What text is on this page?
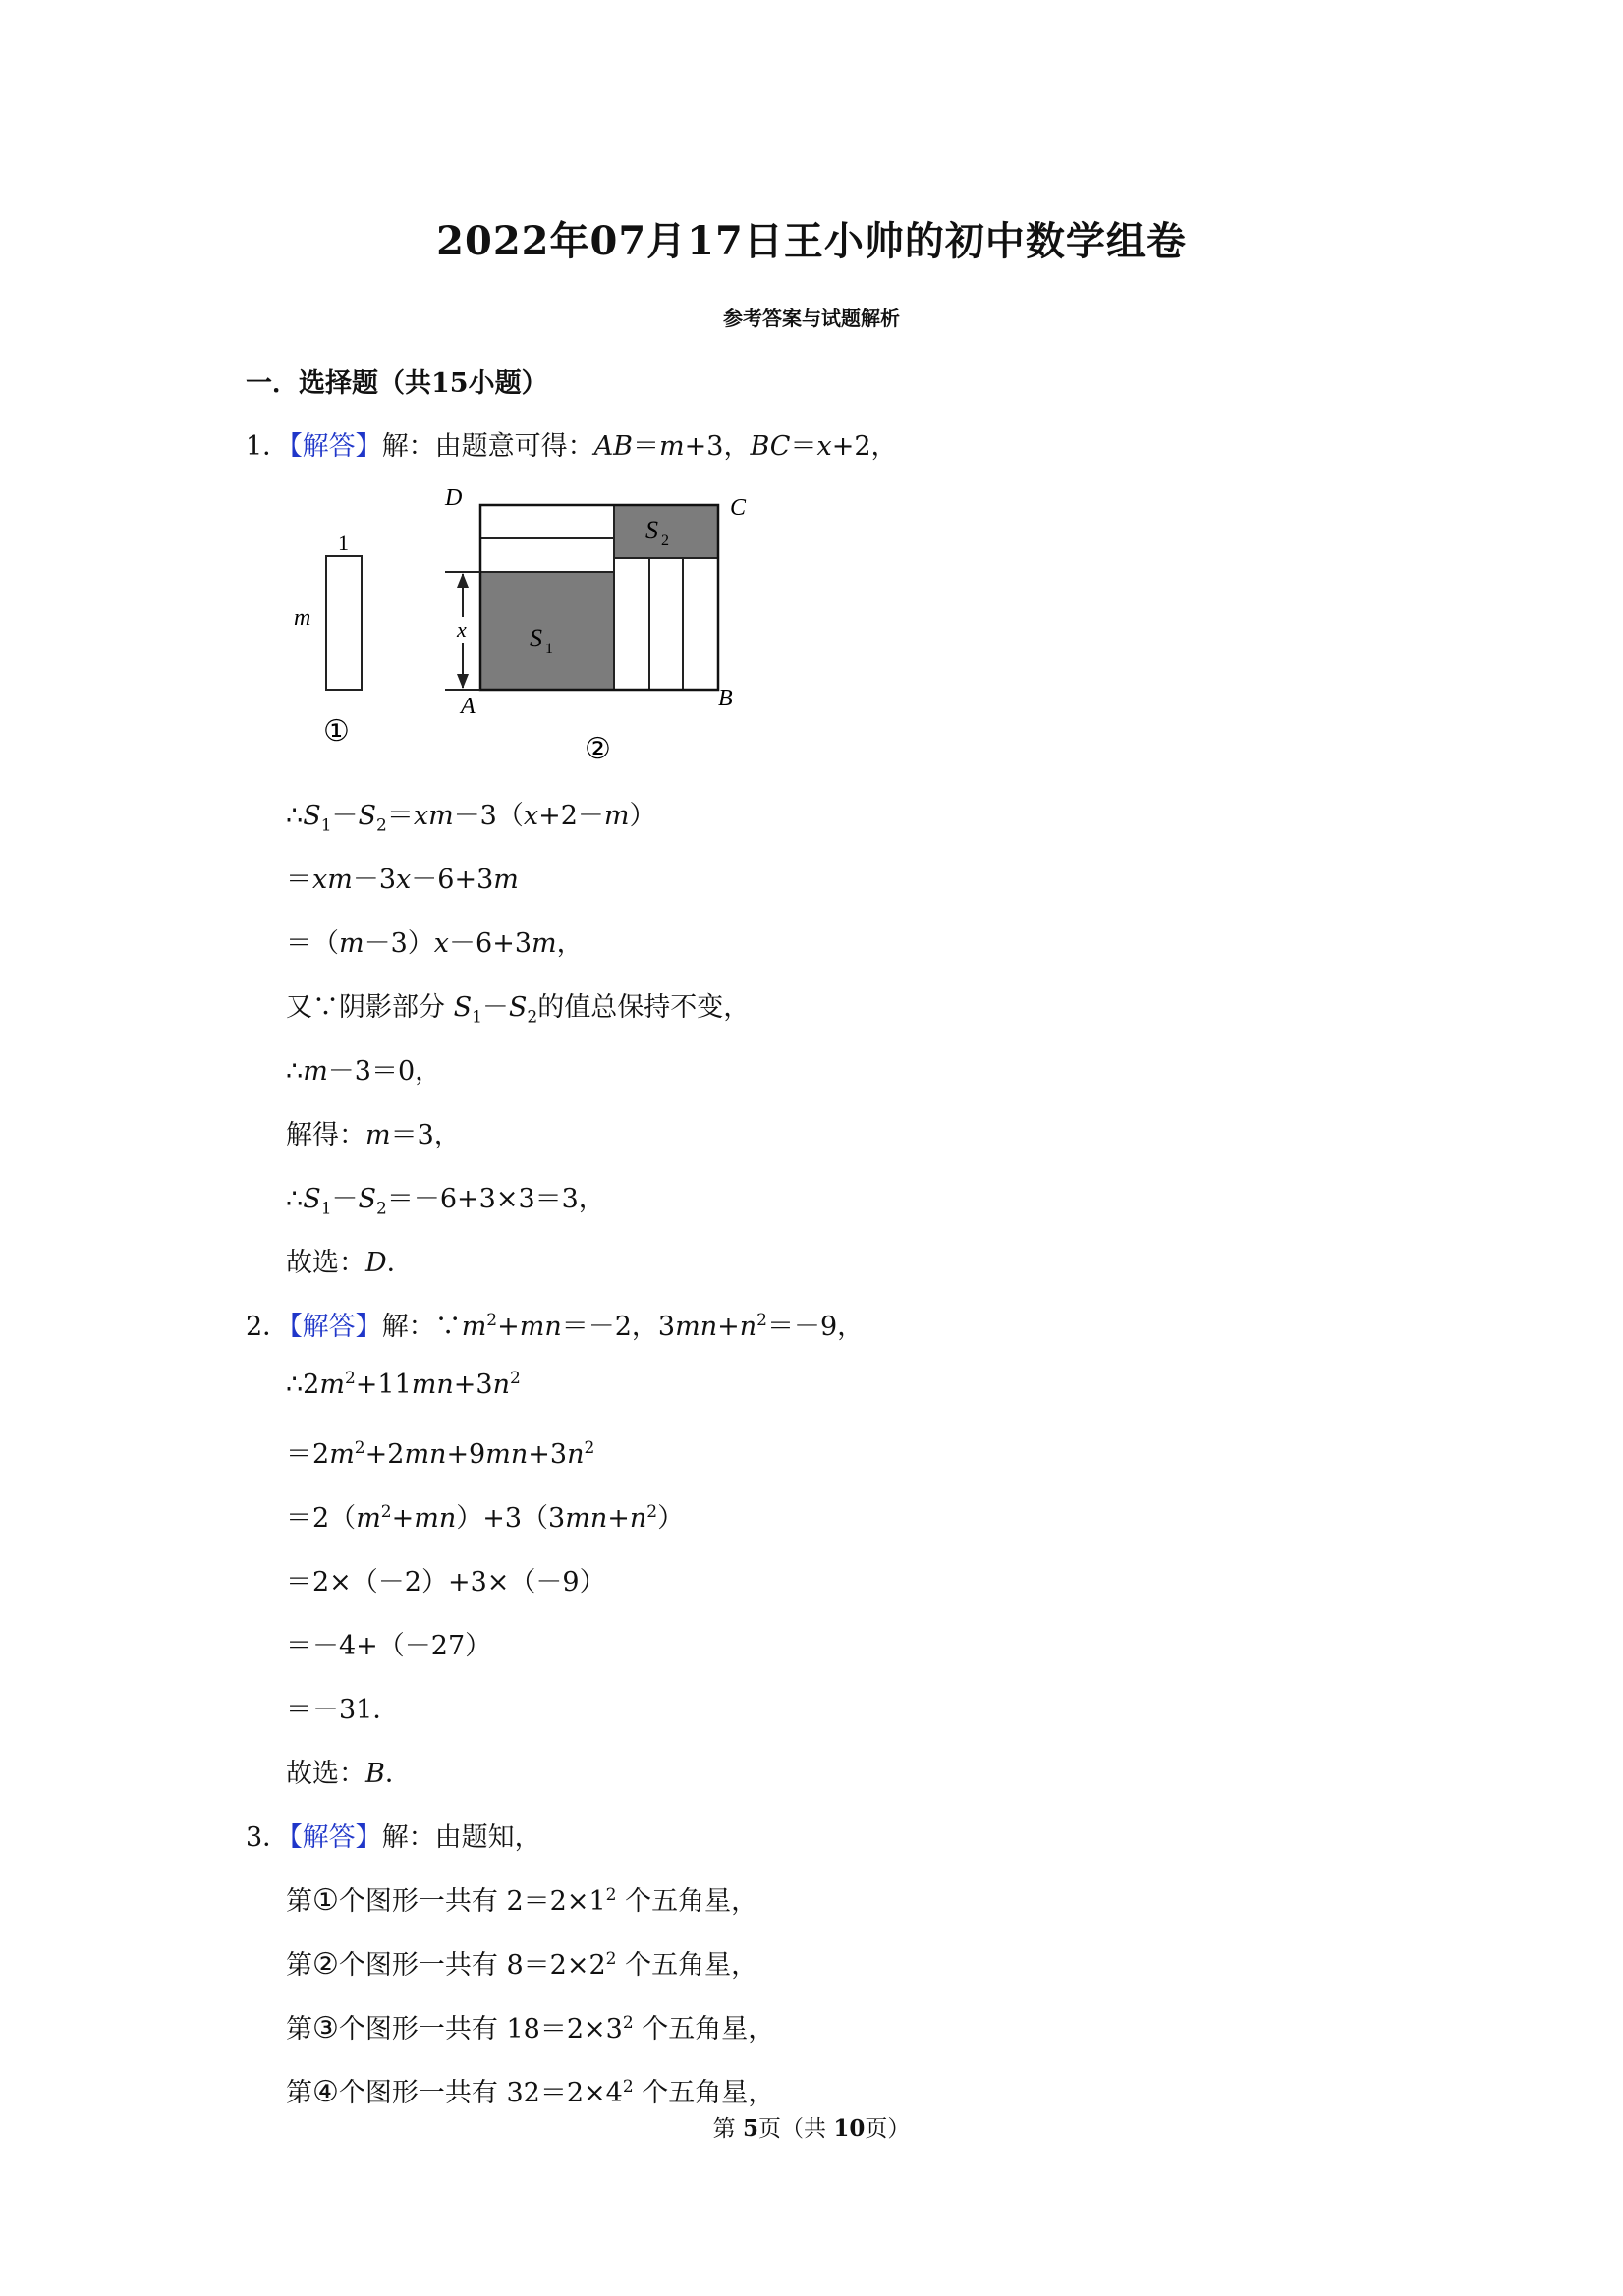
2022年07月17日王小帅的初中数学组卷
参考答案与试题解析
一．选择题（共15小题）
1．【解答】解：由题意可得：AB＝m+3，BC＝x+2，
1
m
①
x S 1
S 2
D	C
A	B
②
$\therefore S_1-S_2=xm-3(x+2-m)$
＝xm－3x－6+3m
＝（m－3）x－6+3m，
又∵阴影部分 $S_1-S_2$的值总保持不变，
∴m－3＝0，
解得：m＝3，
$\therefore S_1-S_2=-6+3\times 3=3$，
故选：D．
2．【解答】解：$\because m^2+mn=-2$，$3mn+n^2=-9$，
$\therefore 2m^2+11mn+3n^2$
$=2m^2+2mn+9mn+3n^2$
$=2(m^2+mn)+3(3mn+n^2)$
＝2×（－2）+3×（－9）
＝－4+（－27）
＝－31．
故选：B．
3．【解答】解：由题知，
第①个图形一共有 $2=2\times 1^2$ 个五角星，
第②个图形一共有 $8=2\times 2^2$ 个五角星，
第③个图形一共有 $18=2\times 3^2$ 个五角星，
第④个图形一共有 $32=2\times 4^2$ 个五角星，
第 5页（共 10页）
